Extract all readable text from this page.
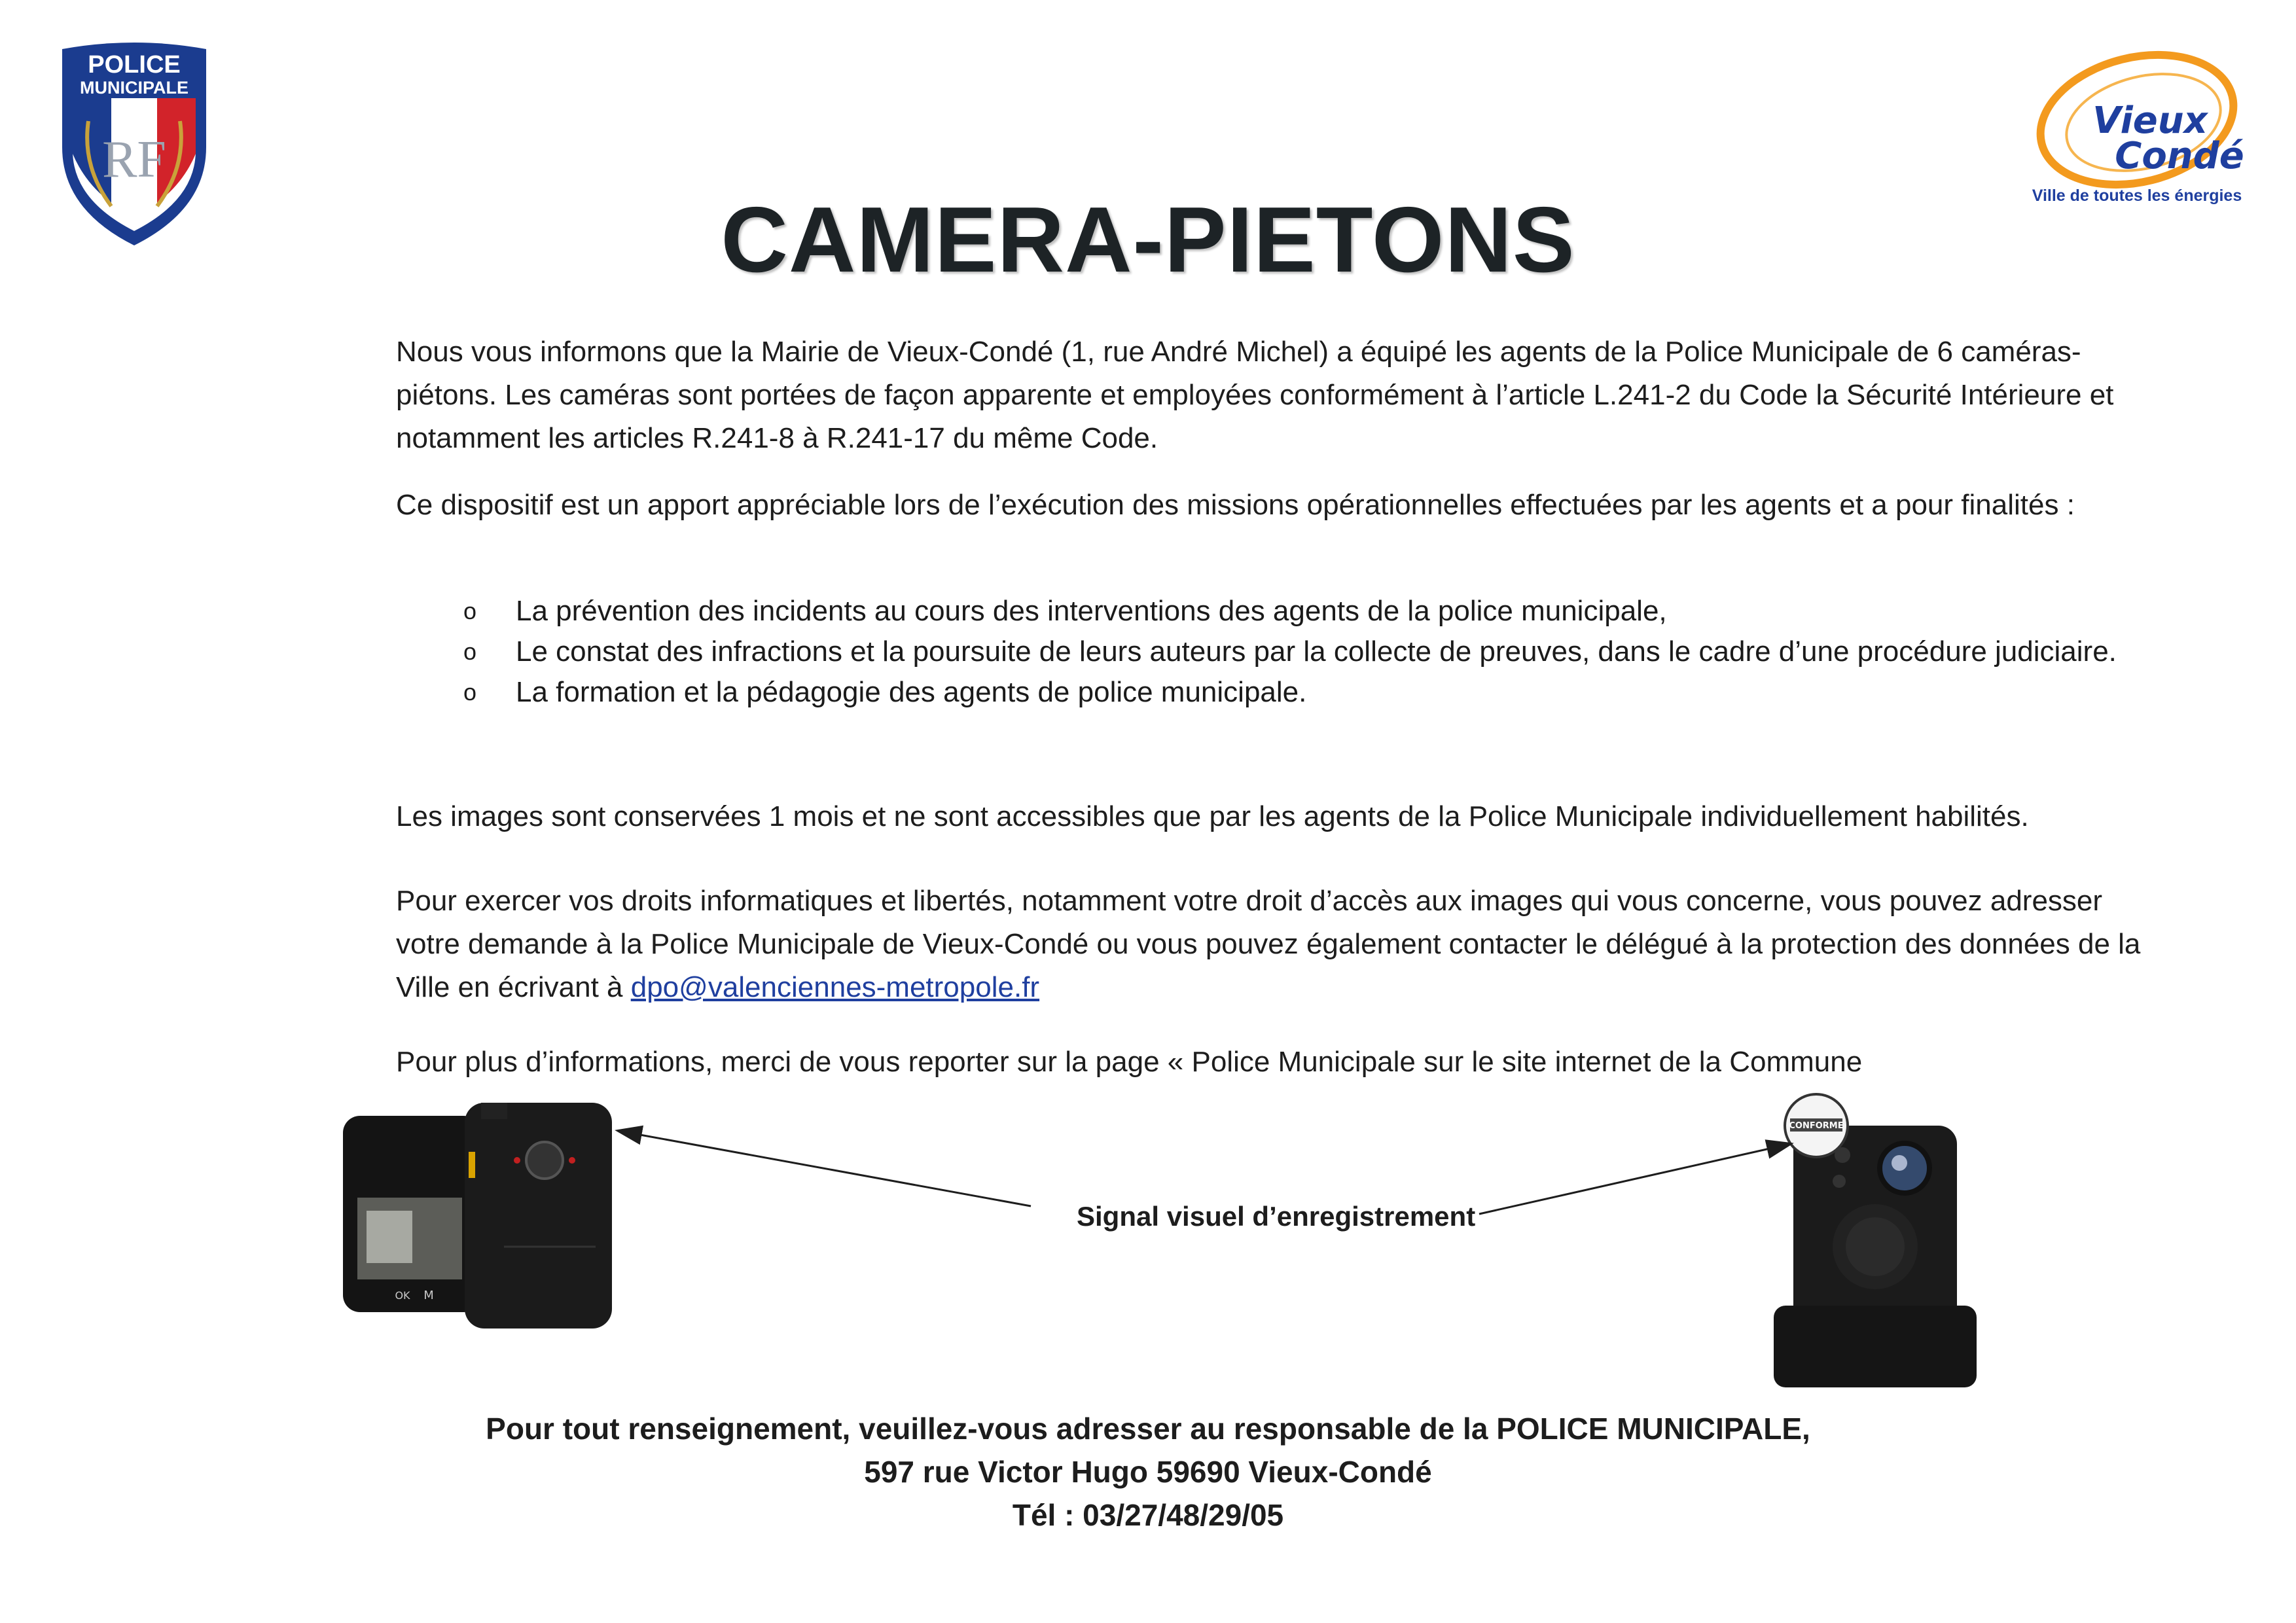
POLICE
MUNICIPALE
RF
Vieux
Condé
Ville de toutes les énergies
CAMERA-PIETONS
Nous vous informons que la Mairie de Vieux-Condé (1, rue André Michel) a équipé les agents de la Police Municipale de 6 caméras-piétons. Les caméras sont portées de façon apparente et employées conformément à l’article L.241-2 du Code la Sécurité Intérieure et notamment les articles R.241-8 à R.241-17 du même Code.
Ce dispositif est un apport appréciable lors de l’exécution des missions opérationnelles effectuées par les agents et a pour finalités :
o La prévention des incidents au cours des interventions des agents de la police municipale,
o Le constat des infractions et la poursuite de leurs auteurs par la collecte de preuves, dans le cadre d’une procédure judiciaire.
o La formation et la pédagogie des agents de police municipale.
Les images sont conservées 1 mois et ne sont accessibles que par les agents de la Police Municipale individuellement habilités.
Pour exercer vos droits informatiques et libertés, notamment votre droit d’accès aux images qui vous concerne, vous pouvez adresser votre demande à la Police Municipale de Vieux-Condé ou vous pouvez également contacter le délégué à la protection des données de la Ville en écrivant à dpo@valenciennes-metropole.fr
Pour plus d’informations, merci de vous reporter sur la page « Police Municipale sur le site internet de la Commune
OK M
CONFORME
Signal visuel d’enregistrement
Pour tout renseignement, veuillez-vous adresser au responsable de la POLICE MUNICIPALE,
597 rue Victor Hugo 59690 Vieux-Condé
Tél : 03/27/48/29/05
